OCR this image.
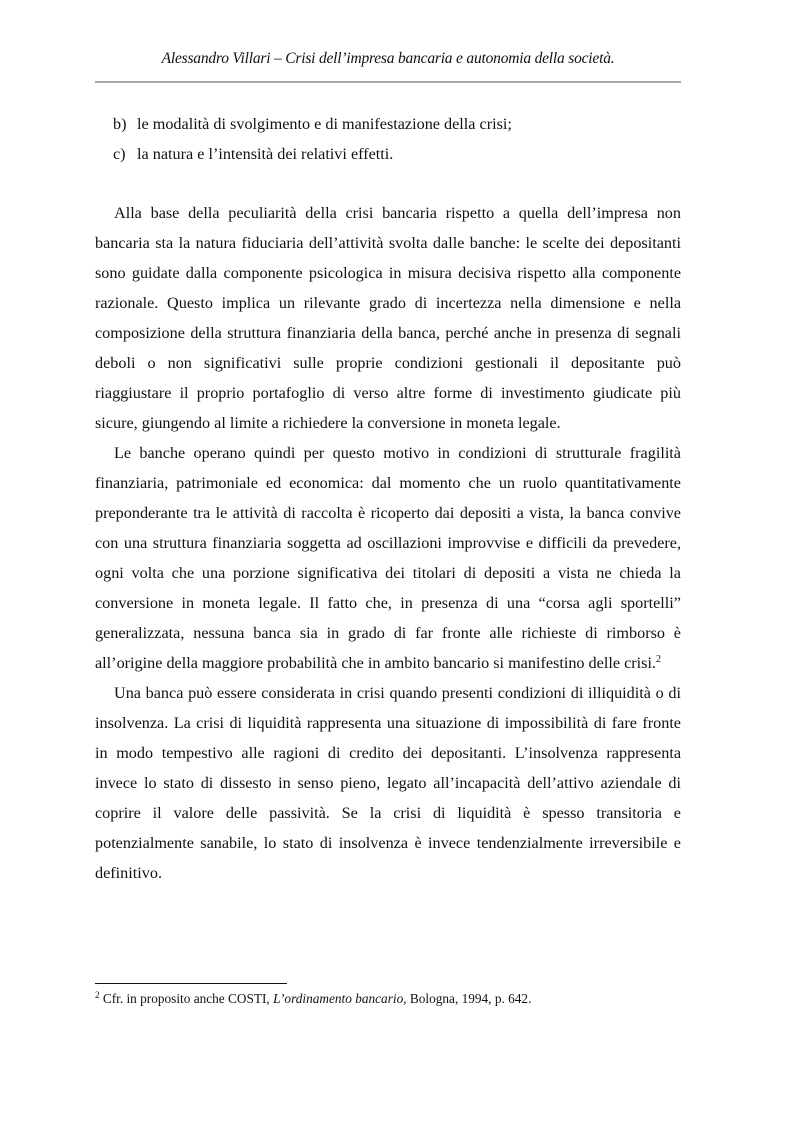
Alessandro Villari – Crisi dell’impresa bancaria e autonomia della società.
b) le modalità di svolgimento e di manifestazione della crisi;
c) la natura e l’intensità dei relativi effetti.

Alla base della peculiarità della crisi bancaria rispetto a quella dell’impresa non bancaria sta la natura fiduciaria dell’attività svolta dalle banche: le scelte dei depositanti sono guidate dalla componente psicologica in misura decisiva rispetto alla componente razionale. Questo implica un rilevante grado di incertezza nella dimensione e nella composizione della struttura finanziaria della banca, perché anche in presenza di segnali deboli o non significativi sulle proprie condizioni gestionali il depositante può riaggiustare il proprio portafoglio di verso altre forme di investimento giudicate più sicure, giungendo al limite a richiedere la conversione in moneta legale.

Le banche operano quindi per questo motivo in condizioni di strutturale fragilità finanziaria, patrimoniale ed economica: dal momento che un ruolo quantitativamente preponderante tra le attività di raccolta è ricoperto dai depositi a vista, la banca convive con una struttura finanziaria soggetta ad oscillazioni improvvise e difficili da prevedere, ogni volta che una porzione significativa dei titolari di depositi a vista ne chieda la conversione in moneta legale. Il fatto che, in presenza di una “corsa agli sportelli” generalizzata, nessuna banca sia in grado di far fronte alle richieste di rimborso è all’origine della maggiore probabilità che in ambito bancario si manifestino delle crisi.$^2$

Una banca può essere considerata in crisi quando presenti condizioni di illiquidità o di insolvenza. La crisi di liquidità rappresenta una situazione di impossibilità di fare fronte in modo tempestivo alle ragioni di credito dei depositanti. L’insolvenza rappresenta invece lo stato di dissesto in senso pieno, legato all’incapacità dell’attivo aziendale di coprire il valore delle passività. Se la crisi di liquidità è spesso transitoria e potenzialmente sanabile, lo stato di insolvenza è invece tendenzialmente irreversibile e definitivo.

$^2$ Cfr. in proposito anche COSTI, L’ordinamento bancario, Bologna, 1994, p. 642.
